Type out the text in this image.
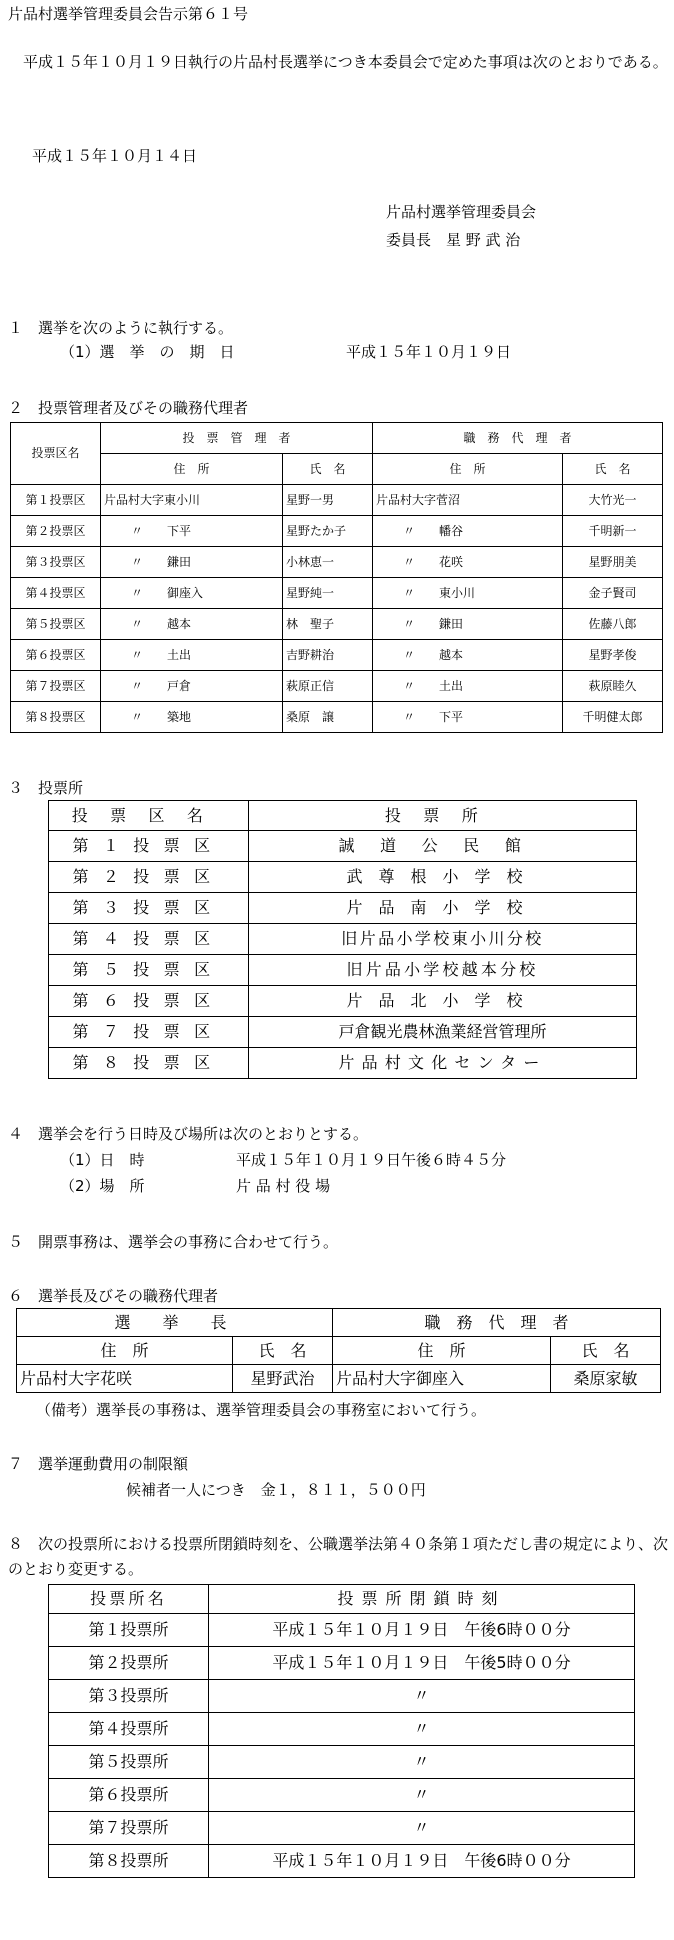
片品村選挙管理委員会告示第６１号

　平成１５年１０月１９日執行の片品村長選挙につき本委員会で定めた事項は次のとおりである。

平成１５年１０月１４日
片品村選挙管理委員会
委員長　星 野 武 治
１　選挙を次のように執行する。
（1）選　挙　の　期　日	平成１５年１０月１９日
２　投票管理者及びその職務代理者
投票区名	投　票　管　理　者		職　務　代　理　者	
	住　所	氏　名	住　所	氏　名
第１投票区	片品村大字東小川	星野一男	片品村大字菅沼	大竹光一
第２投票区	〃　　下平	星野たか子	〃　　幡谷	千明新一
第３投票区	〃　　鎌田	小林恵一	〃　　花咲	星野朋美
第４投票区	〃　　御座入	星野純一	〃　　東小川	金子賢司
第５投票区	〃　　越本	林　聖子	〃　　鎌田	佐藤八郎
第６投票区	〃　　土出	吉野耕治	〃　　越本	星野孝俊
第７投票区	〃　　戸倉	萩原正信	〃　　土出	萩原睦久
第８投票区	〃　　築地	桑原　譲	〃　　下平	千明健太郎
３　投票所
投票区名	投票所
第１投票区	誠道公民館
第２投票区	武尊根小学校
第３投票区	片品南小学校
第４投票区	旧片品小学校東小川分校
第５投票区	旧片品小学校越本分校
第６投票区	片品北小学校
第７投票区	戸倉観光農林漁業経営管理所
第８投票区	片品村文化センター
４　選挙会を行う日時及び場所は次のとおりとする。
（1）日　時	平成１５年１０月１９日午後６時４５分
（2）場　所	片 品 村 役 場
５　開票事務は、選挙会の事務に合わせて行う。
６　選挙長及びその職務代理者
選　挙　長		職　務　代　理　者	
住　所	氏　名	住　所	氏　名
片品村大字花咲	星野武治	片品村大字御座入	桑原家敏
（備考）選挙長の事務は、選挙管理委員会の事務室において行う。
７　選挙運動費用の制限額
候補者一人につき　金１，８１１，５００円

８　次の投票所における投票所閉鎖時刻を、公職選挙法第４０条第１項ただし書の規定により、次のとおり変更する。

投票所名	投票所閉鎖時刻
第１投票所	平成１５年１０月１９日　午後6時００分
第２投票所	平成１５年１０月１９日　午後5時００分
第３投票所	〃
第４投票所	〃
第５投票所	〃
第６投票所	〃
第７投票所	〃
第８投票所	平成１５年１０月１９日　午後6時００分
